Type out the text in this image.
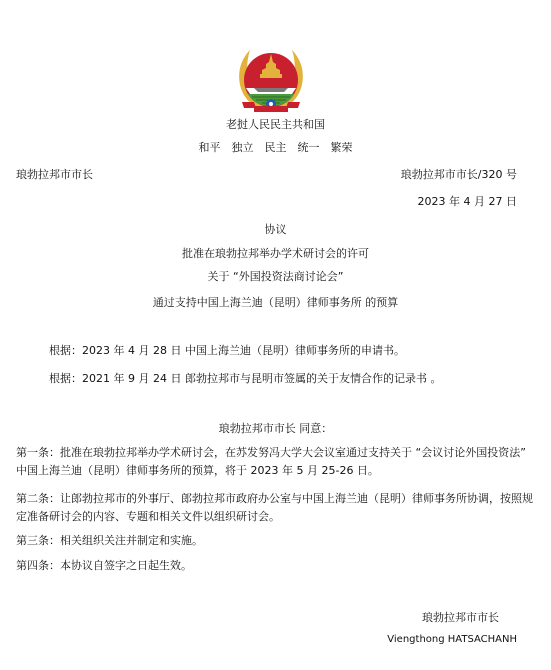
老挝人民民主共和国
和平　独立　民主　统一　繁荣
琅勃拉邦市市长	琅勃拉邦市市长/320 号
2023 年 4 月 27 日
协议
批准在琅勃拉邦举办学术研讨会的许可
关于 “外国投资法商讨论会”
通过支持中国上海兰迪（昆明）律师事务所 的预算
根据：2023 年 4 月 28 日 中国上海兰迪（昆明）律师事务所的申请书。
根据：2021 年 9 月 24 日 郎勃拉邦市与昆明市签属的关于友情合作的记录书 。
琅勃拉邦市市长 同意：
第一条：批准在琅勃拉邦举办学术研讨会，在苏发努冯大学大会议室通过支持关于 “会议讨论外国投资法” 中国上海兰迪（昆明）律师事务所的预算，将于 2023 年 5 月 25-26 日。
第二条：让郎勃拉邦市的外事厅、郎勃拉邦市政府办公室与中国上海兰迪（昆明）律师事务所协调，按照规定准备研讨会的内容、专题和相关文件以组织研讨会。
第三条：相关组织关注并制定和实施。
第四条：本协议自签字之日起生效。
琅勃拉邦市市长
Viengthong HATSACHANH
